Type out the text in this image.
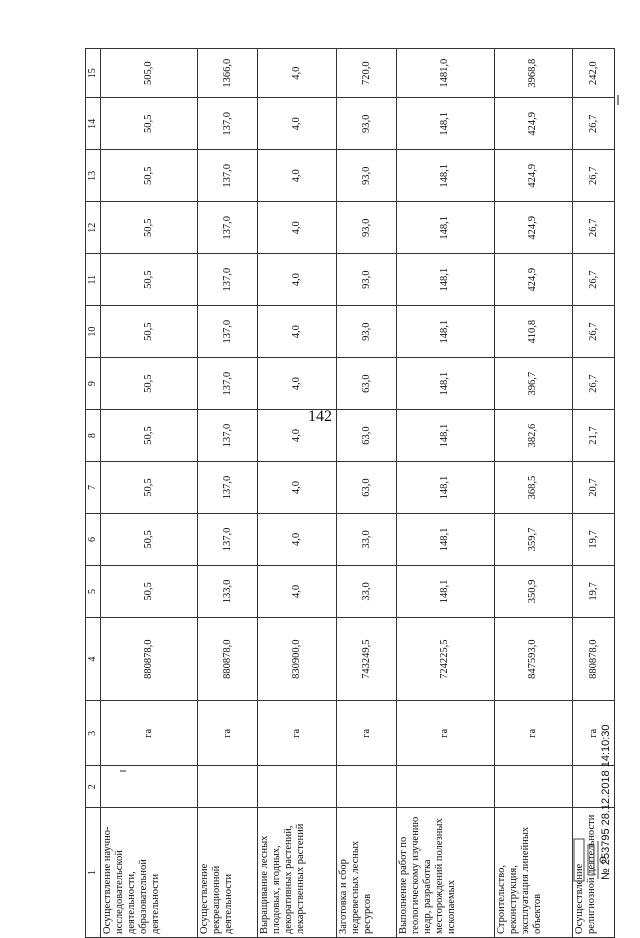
142
1	2	3	4	5	6	7	8	9	10	11	12	13	14	15
Осуществление научно-исследовательской деятельности, образовательной деятельности		га	880878,0	50,5	50,5	50,5	50,5	50,5	50,5	50,5	50,5	50,5	50,5	505,0
Осуществление рекреационной деятельности		га	880878,0	133,0	137,0	137,0	137,0	137,0	137,0	137,0	137,0	137,0	137,0	1366,0
Выращивание лесных плодовых, ягодных, декоративных растений, лекарственных растений		га	830900,0	4,0	4,0	4,0	4,0	4,0	4,0	4,0	4,0	4,0	4,0	4,0
Заготовка и сбор недревесных лесных ресурсов		га	743249,5	33,0	33,0	63,0	63,0	63,0	93,0	93,0	93,0	93,0	93,0	720,0
Выполнение работ по геологическому изучению недр, разработка месторождений полезных ископаемых		га	724225,5	148,1	148,1	148,1	148,1	148,1	148,1	148,1	148,1	148,1	148,1	1481,0
Строительство, реконструкция, эксплуатация линейных объектов		га	847593,0	350,9	359,7	368,5	382,6	396,7	410,8	424,9	424,9	424,9	424,9	3968,8
Осуществление религиозной деятельности		га	880878,0	19,7	19,7	20,7	21,7	26,7	26,7	26,7	26,7	26,7	26,7	242,0
№ 253795 28.12.2018 14:10:30
